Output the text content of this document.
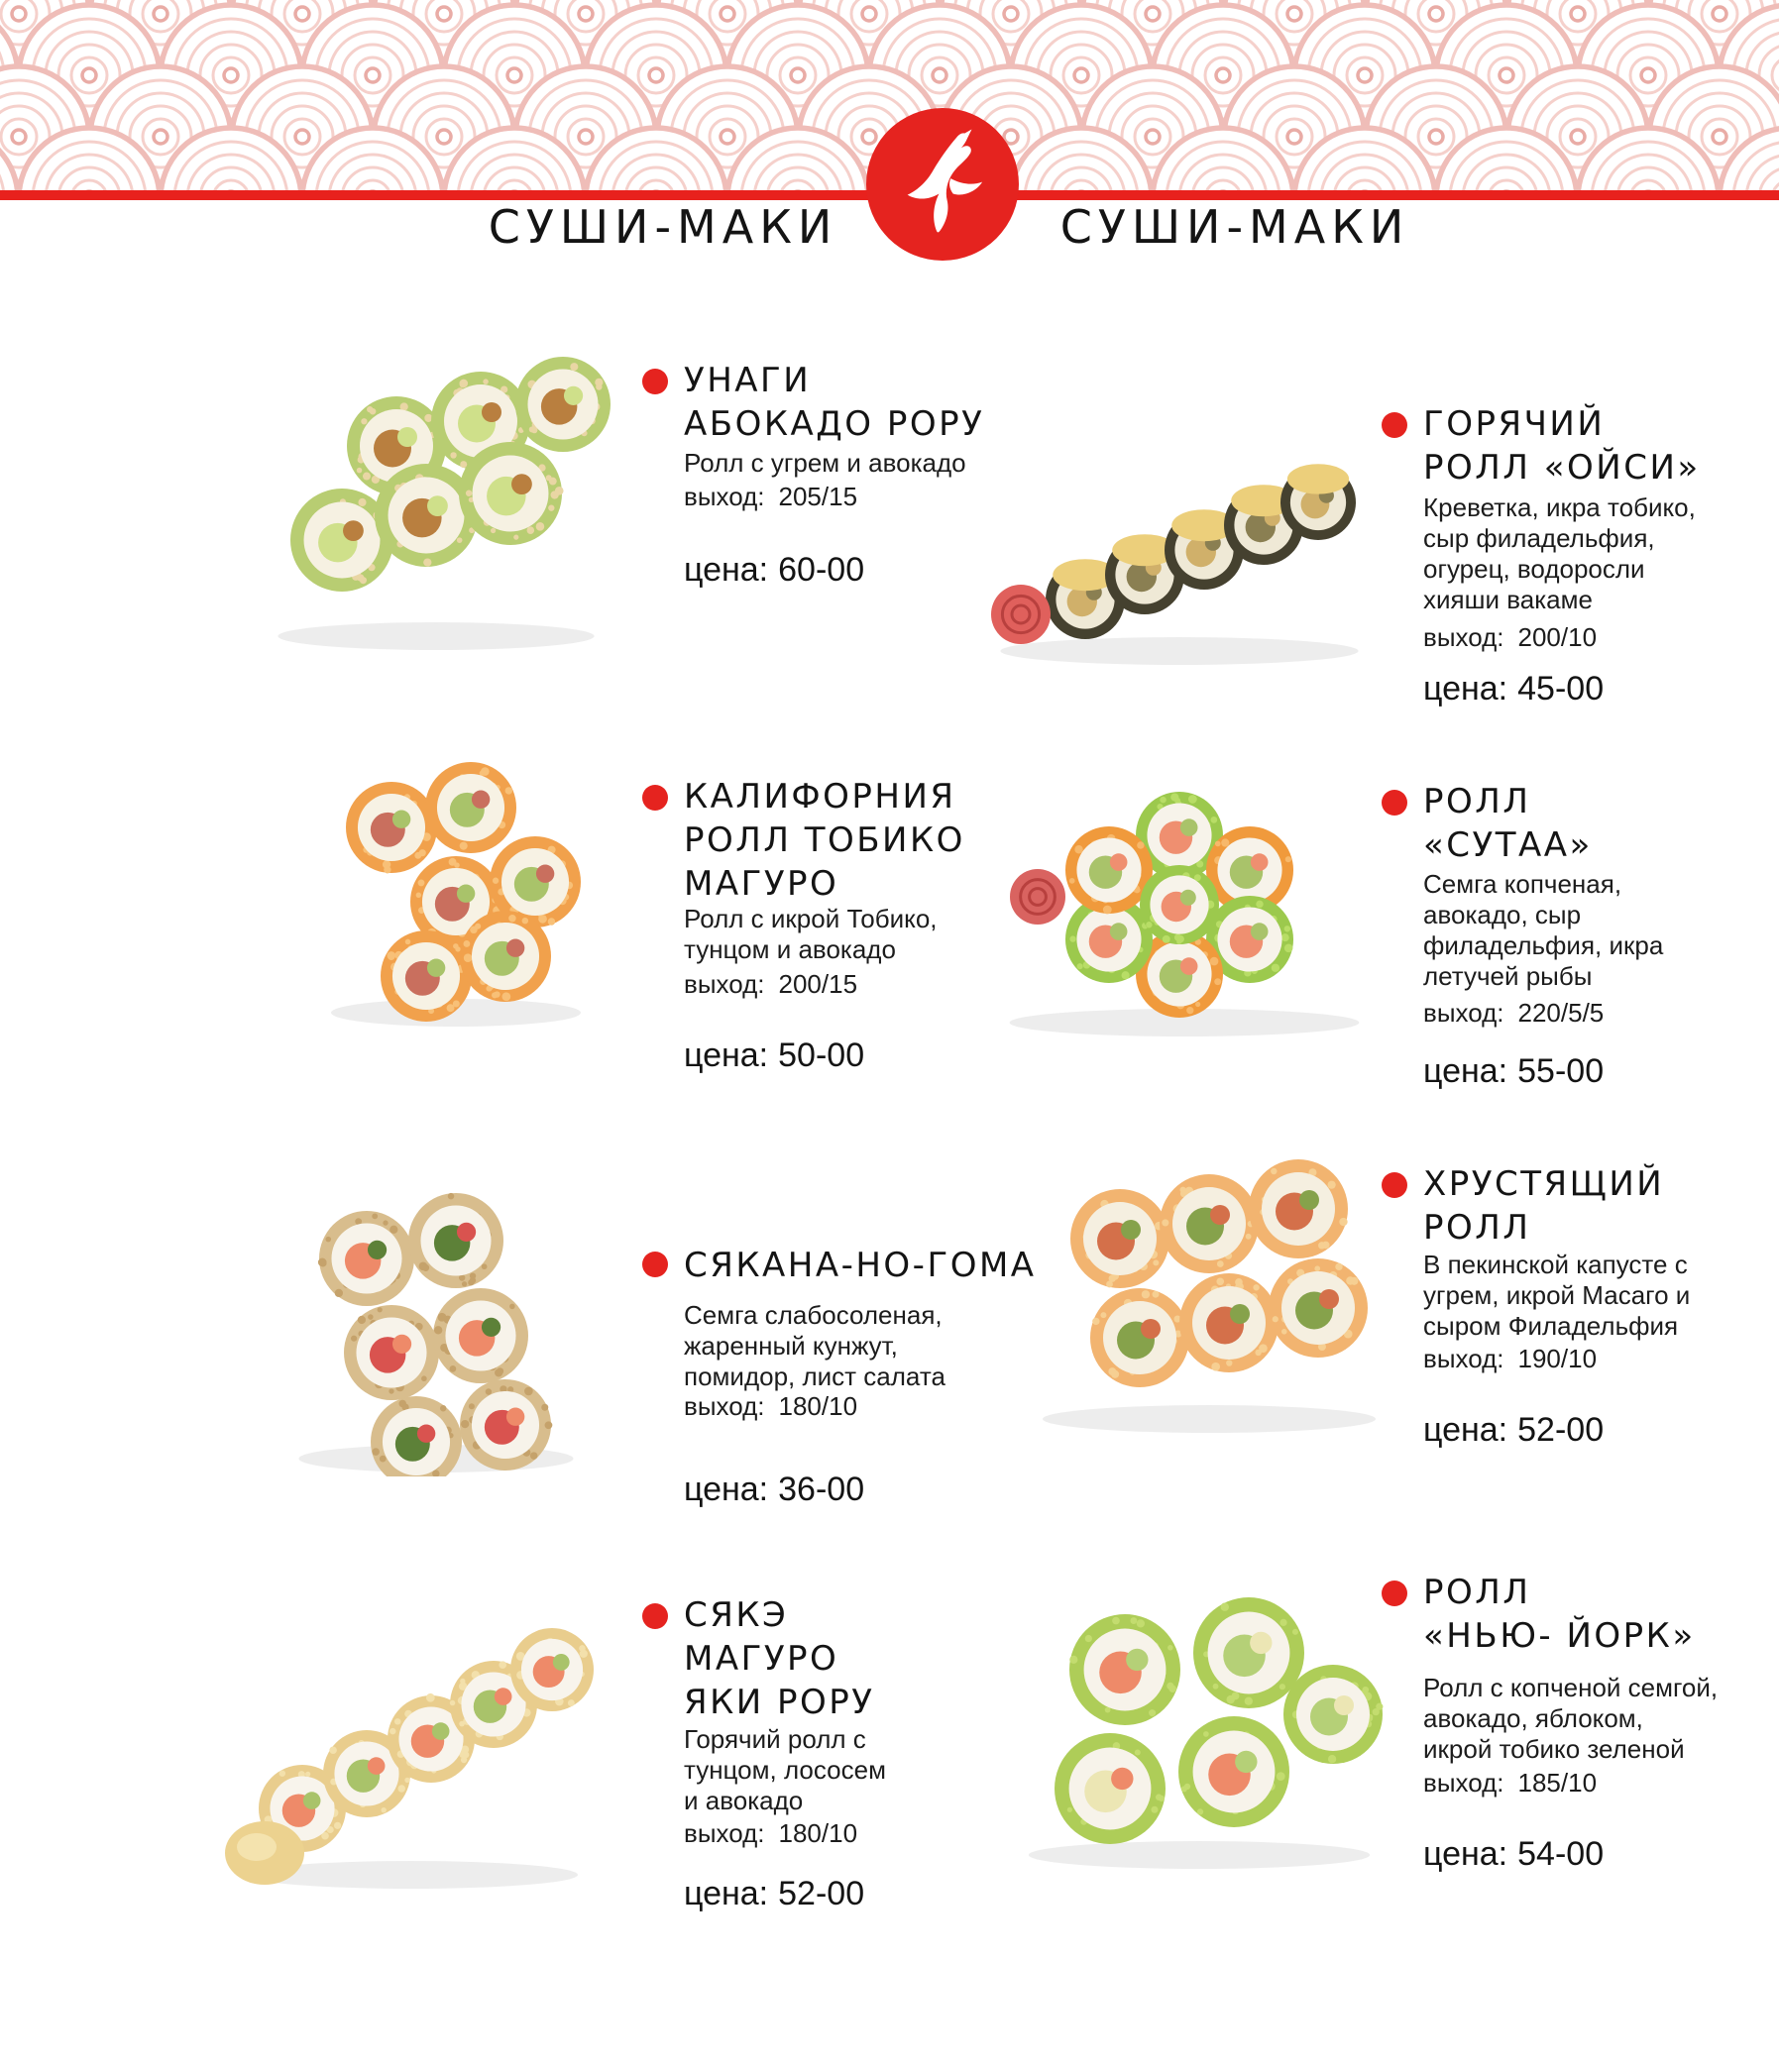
СУШИ-МАКИ	СУШИ-МАКИ
УНАГИ
АБОКАДО РОРУ
Ролл с угрем и авокадо
выход: 205/15
цена: 60-00
ГОРЯЧИЙ
РОЛЛ «ОЙСИ»
Креветка, икра тобико,
сыр филадельфия,
огурец, водоросли
хияши вакаме
выход: 200/10
цена: 45-00
КАЛИФОРНИЯ
РОЛЛ ТОБИКО
МАГУРО
Ролл с икрой Тобико,
тунцом и авокадо
выход: 200/15
цена: 50-00
РОЛЛ
«СУТАА»
Семга копченая,
авокадо, сыр
филадельфия, икра
летучей рыбы
выход: 220/5/5
цена: 55-00
СЯКАНА-НО-ГОМА
Семга слабосоленая,
жаренный кунжут,
помидор, лист салата
выход: 180/10
цена: 36-00
ХРУСТЯЩИЙ
РОЛЛ
В пекинской капусте с
угрем, икрой Масаго и
сыром Филадельфия
выход: 190/10
цена: 52-00
СЯКЭ
МАГУРО
ЯКИ РОРУ
Горячий ролл с
тунцом, лососем
и авокадо
выход: 180/10
цена: 52-00
РОЛЛ
«НЬЮ- ЙОРК»
Ролл с копченой семгой,
авокадо, яблоком,
икрой тобико зеленой
выход: 185/10
цена: 54-00
